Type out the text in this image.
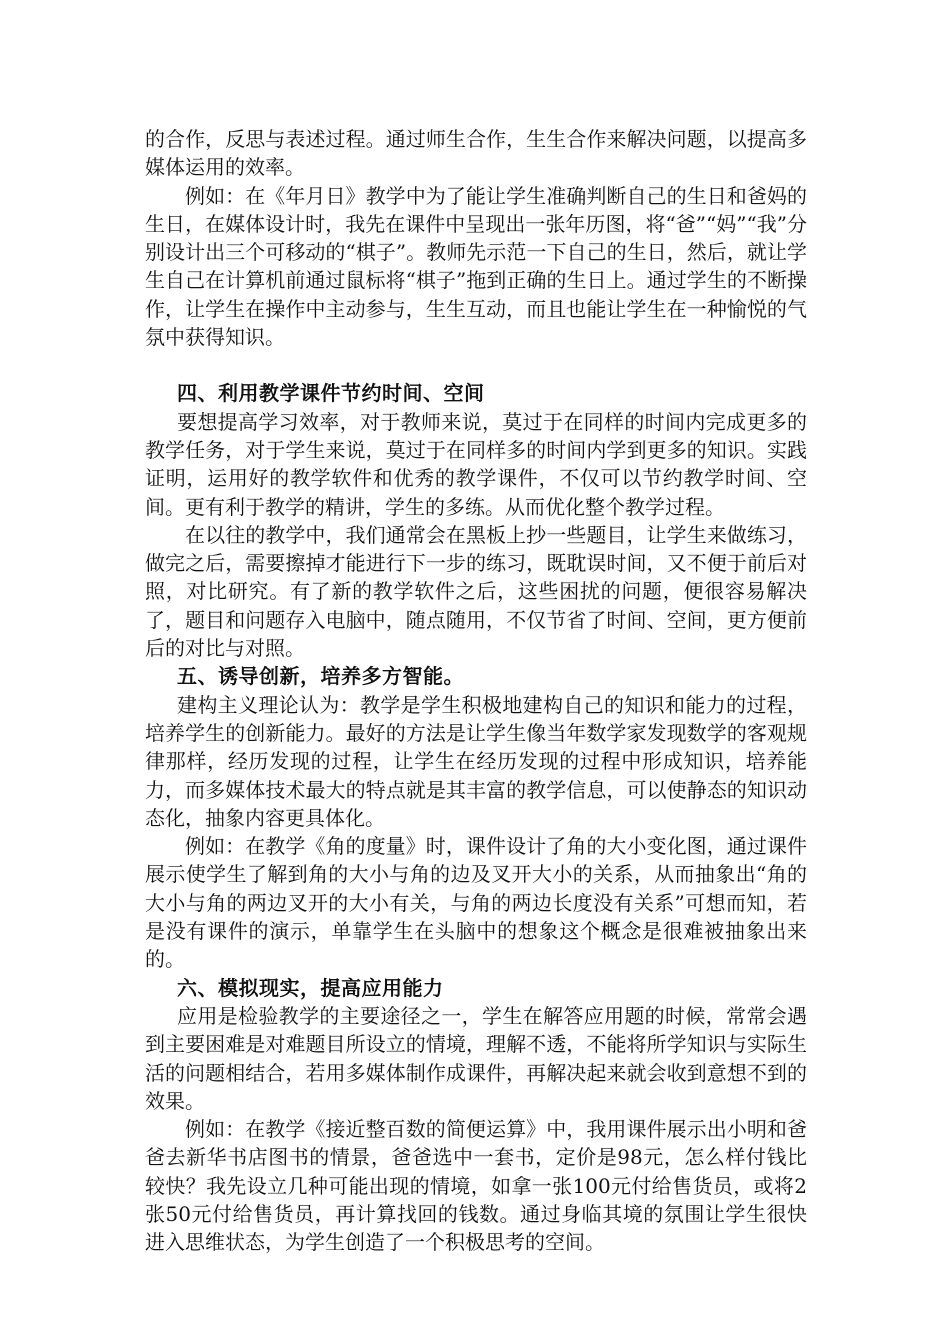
的合作，反思与表述过程。通过师生合作，生生合作来解决问题，以提高多媒体运用的效率。

例如：在《年月日》教学中为了能让学生准确判断自己的生日和爸妈的生日，在媒体设计时，我先在课件中呈现出一张年历图，将“爸”“妈”“我”分别设计出三个可移动的“棋子”。教师先示范一下自己的生日，然后，就让学生自己在计算机前通过鼠标将“棋子”拖到正确的生日上。通过学生的不断操作，让学生在操作中主动参与，生生互动，而且也能让学生在一种愉悦的气氛中获得知识。

四、利用教学课件节约时间、空间

要想提高学习效率，对于教师来说，莫过于在同样的时间内完成更多的教学任务，对于学生来说，莫过于在同样多的时间内学到更多的知识。实践证明，运用好的教学软件和优秀的教学课件，不仅可以节约教学时间、空间。更有利于教学的精讲，学生的多练。从而优化整个教学过程。

在以往的教学中，我们通常会在黑板上抄一些题目，让学生来做练习，做完之后，需要擦掉才能进行下一步的练习，既耽误时间，又不便于前后对照，对比研究。有了新的教学软件之后，这些困扰的问题，便很容易解决了，题目和问题存入电脑中，随点随用，不仅节省了时间、空间，更方便前后的对比与对照。

五、诱导创新，培养多方智能。

建构主义理论认为：教学是学生积极地建构自己的知识和能力的过程，培养学生的创新能力。最好的方法是让学生像当年数学家发现数学的客观规律那样，经历发现的过程，让学生在经历发现的过程中形成知识，培养能力，而多媒体技术最大的特点就是其丰富的教学信息，可以使静态的知识动态化，抽象内容更具体化。

例如：在教学《角的度量》时，课件设计了角的大小变化图，通过课件展示使学生了解到角的大小与角的边及叉开大小的关系，从而抽象出“角的大小与角的两边叉开的大小有关，与角的两边长度没有关系”可想而知，若是没有课件的演示，单靠学生在头脑中的想象这个概念是很难被抽象出来的。

六、模拟现实，提高应用能力

应用是检验教学的主要途径之一，学生在解答应用题的时候，常常会遇到主要困难是对难题目所设立的情境，理解不透，不能将所学知识与实际生活的问题相结合，若用多媒体制作成课件，再解决起来就会收到意想不到的效果。

例如：在教学《接近整百数的简便运算》中，我用课件展示出小明和爸爸去新华书店图书的情景，爸爸选中一套书，定价是98元，怎么样付钱比较快？我先设立几种可能出现的情境，如拿一张100元付给售货员，或将2张50元付给售货员，再计算找回的钱数。通过身临其境的氛围让学生很快进入思维状态，为学生创造了一个积极思考的空间。
